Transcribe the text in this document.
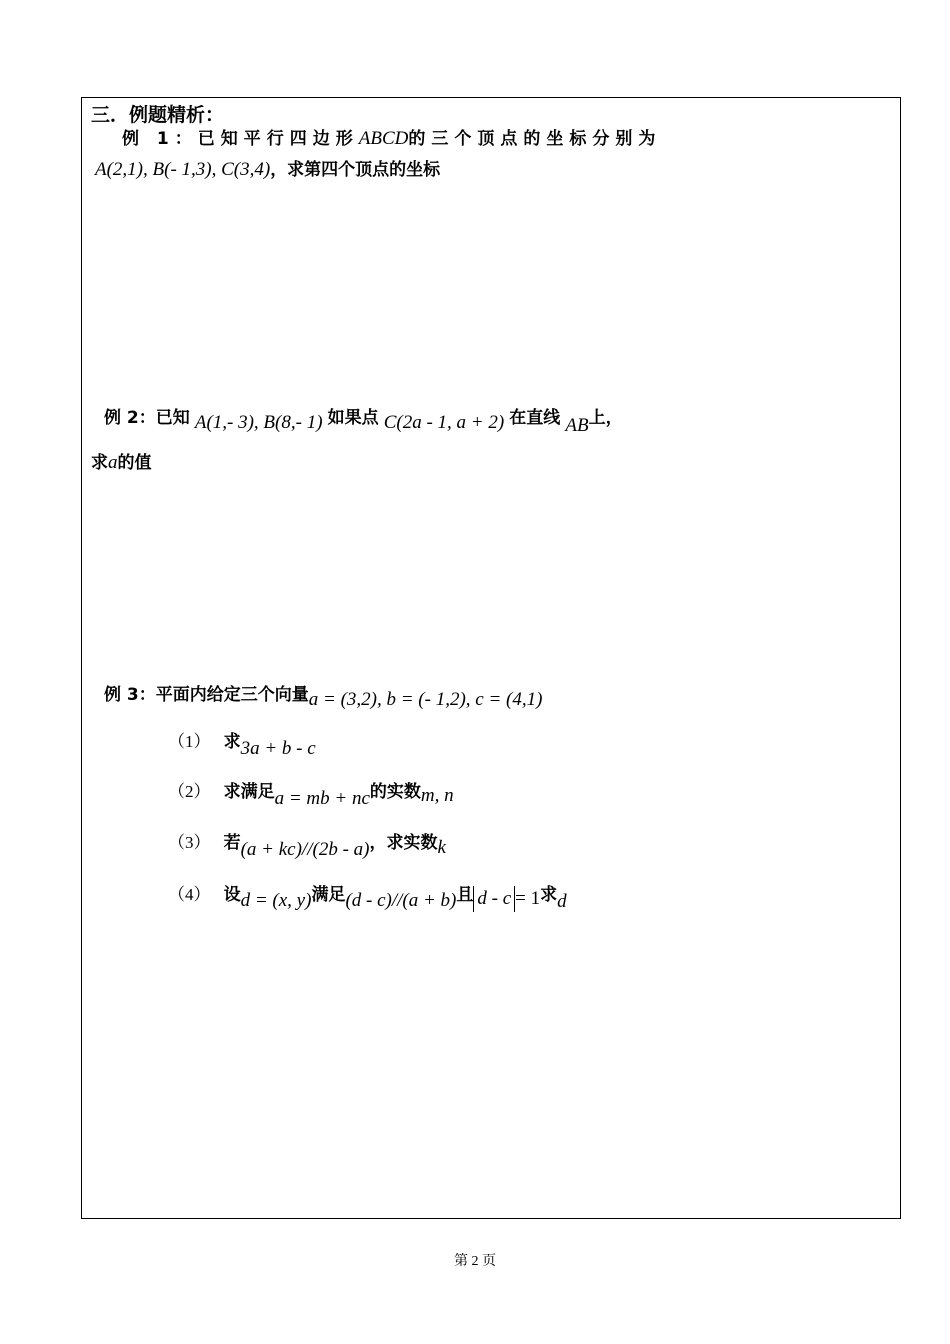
三．例题精析：
例 1：已知平行四边形ABCD的三个顶点的坐标分别为
A(2,1), B(- 1,3), C(3,4)，求第四个顶点的坐标
例 2：已知 A(1,- 3), B(8,- 1) 如果点 C(2a - 1, a + 2) 在直线 AB上，
求a的值
例 3：平面内给定三个向量a = (3,2), b = (- 1,2), c = (4,1)
（1） 求3a + b - c
（2） 求满足a = mb + nc的实数m, n
（3） 若(a + kc)//(2b - a)，求实数k
（4） 设d = (x, y)满足(d - c)//(a + b)且 d - c = 1求d
第 2 页
